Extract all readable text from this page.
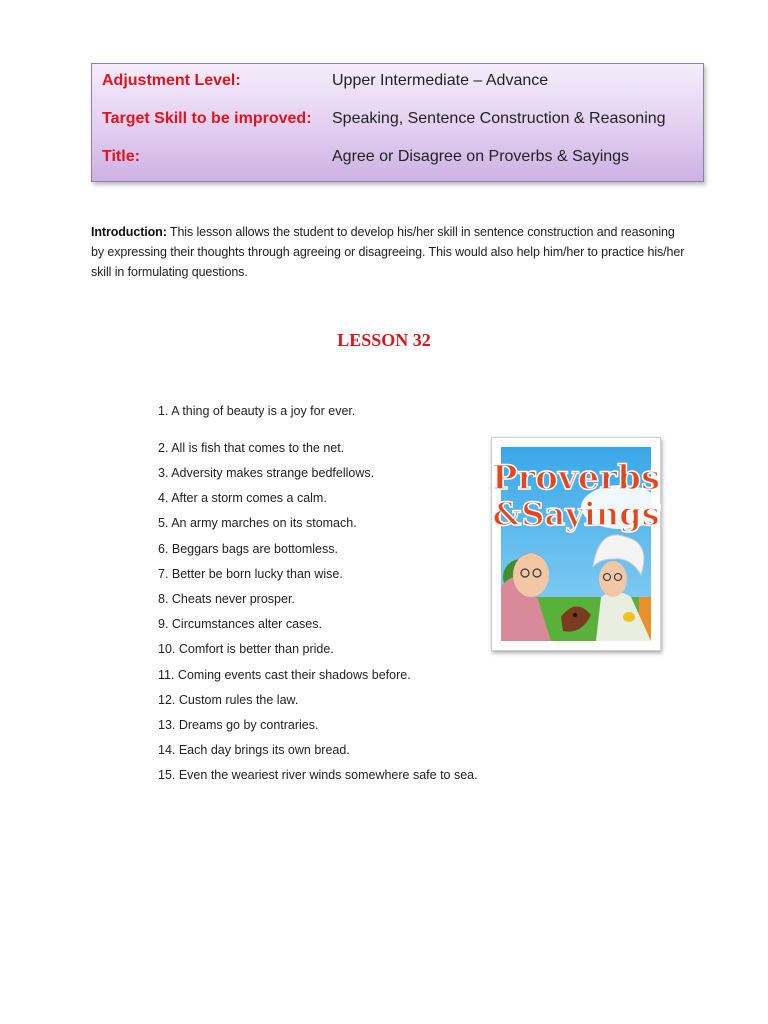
Adjustment Level:	Upper Intermediate – Advance
Target Skill to be improved: Speaking, Sentence Construction & Reasoning
Title:	Agree or Disagree on Proverbs & Sayings
Introduction: This lesson allows the student to develop his/her skill in sentence construction and reasoning by expressing their thoughts through agreeing or disagreeing. This would also help him/her to practice his/her skill in formulating questions.
LESSON 32
1. A thing of beauty is a joy for ever.
2. All is fish that comes to the net.
3. Adversity makes strange bedfellows.
4. After a storm comes a calm.
5. An army marches on its stomach.
6. Beggars bags are bottomless.
7. Better be born lucky than wise.
8. Cheats never prosper.
9. Circumstances alter cases.
10. Comfort is better than pride.
11. Coming events cast their shadows before.
12. Custom rules the law.
13. Dreams go by contraries.
14. Each day brings its own bread.
15. Even the weariest river winds somewhere safe to sea.
Proverbs
&Sayings
